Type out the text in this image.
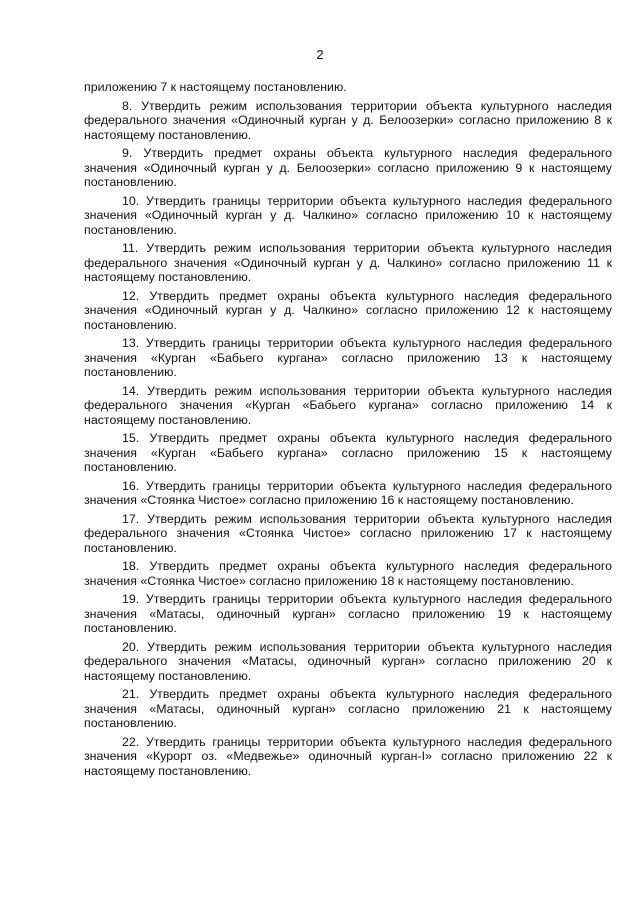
2

приложению 7 к настоящему постановлению.

8. Утвердить режим использования территории объекта культурного наследия федерального значения «Одиночный курган у д. Белоозерки» согласно приложению 8 к настоящему постановлению.

9. Утвердить предмет охраны объекта культурного наследия федерального значения «Одиночный курган у д. Белоозерки» согласно приложению 9 к настоящему постановлению.

10. Утвердить границы территории объекта культурного наследия федерального значения «Одиночный курган у д. Чалкино» согласно приложению 10 к настоящему постановлению.

11. Утвердить режим использования территории объекта культурного наследия федерального значения «Одиночный курган у д. Чалкино» согласно приложению 11 к настоящему постановлению.

12. Утвердить предмет охраны объекта культурного наследия федерального значения «Одиночный курган у д. Чалкино» согласно приложению 12 к настоящему постановлению.

13. Утвердить границы территории объекта культурного наследия федерального значения «Курган «Бабьего кургана» согласно приложению 13 к настоящему постановлению.

14. Утвердить режим использования территории объекта культурного наследия федерального значения «Курган «Бабьего кургана» согласно приложению 14 к настоящему постановлению.

15. Утвердить предмет охраны объекта культурного наследия федерального значения «Курган «Бабьего кургана» согласно приложению 15 к настоящему постановлению.

16. Утвердить границы территории объекта культурного наследия федерального значения «Стоянка Чистое» согласно приложению 16 к настоящему постановлению.

17. Утвердить режим использования территории объекта культурного наследия федерального значения «Стоянка Чистое» согласно приложению 17 к настоящему постановлению.

18. Утвердить предмет охраны объекта культурного наследия федерального значения «Стоянка Чистое» согласно приложению 18 к настоящему постановлению.

19. Утвердить границы территории объекта культурного наследия федерального значения «Матасы, одиночный курган» согласно приложению 19 к настоящему постановлению.

20. Утвердить режим использования территории объекта культурного наследия федерального значения «Матасы, одиночный курган» согласно приложению 20 к настоящему постановлению.

21. Утвердить предмет охраны объекта культурного наследия федерального значения «Матасы, одиночный курган» согласно приложению 21 к настоящему постановлению.

22. Утвердить границы территории объекта культурного наследия федерального значения «Курорт оз. «Медвежье» одиночный курган-I» согласно приложению 22 к настоящему постановлению.
